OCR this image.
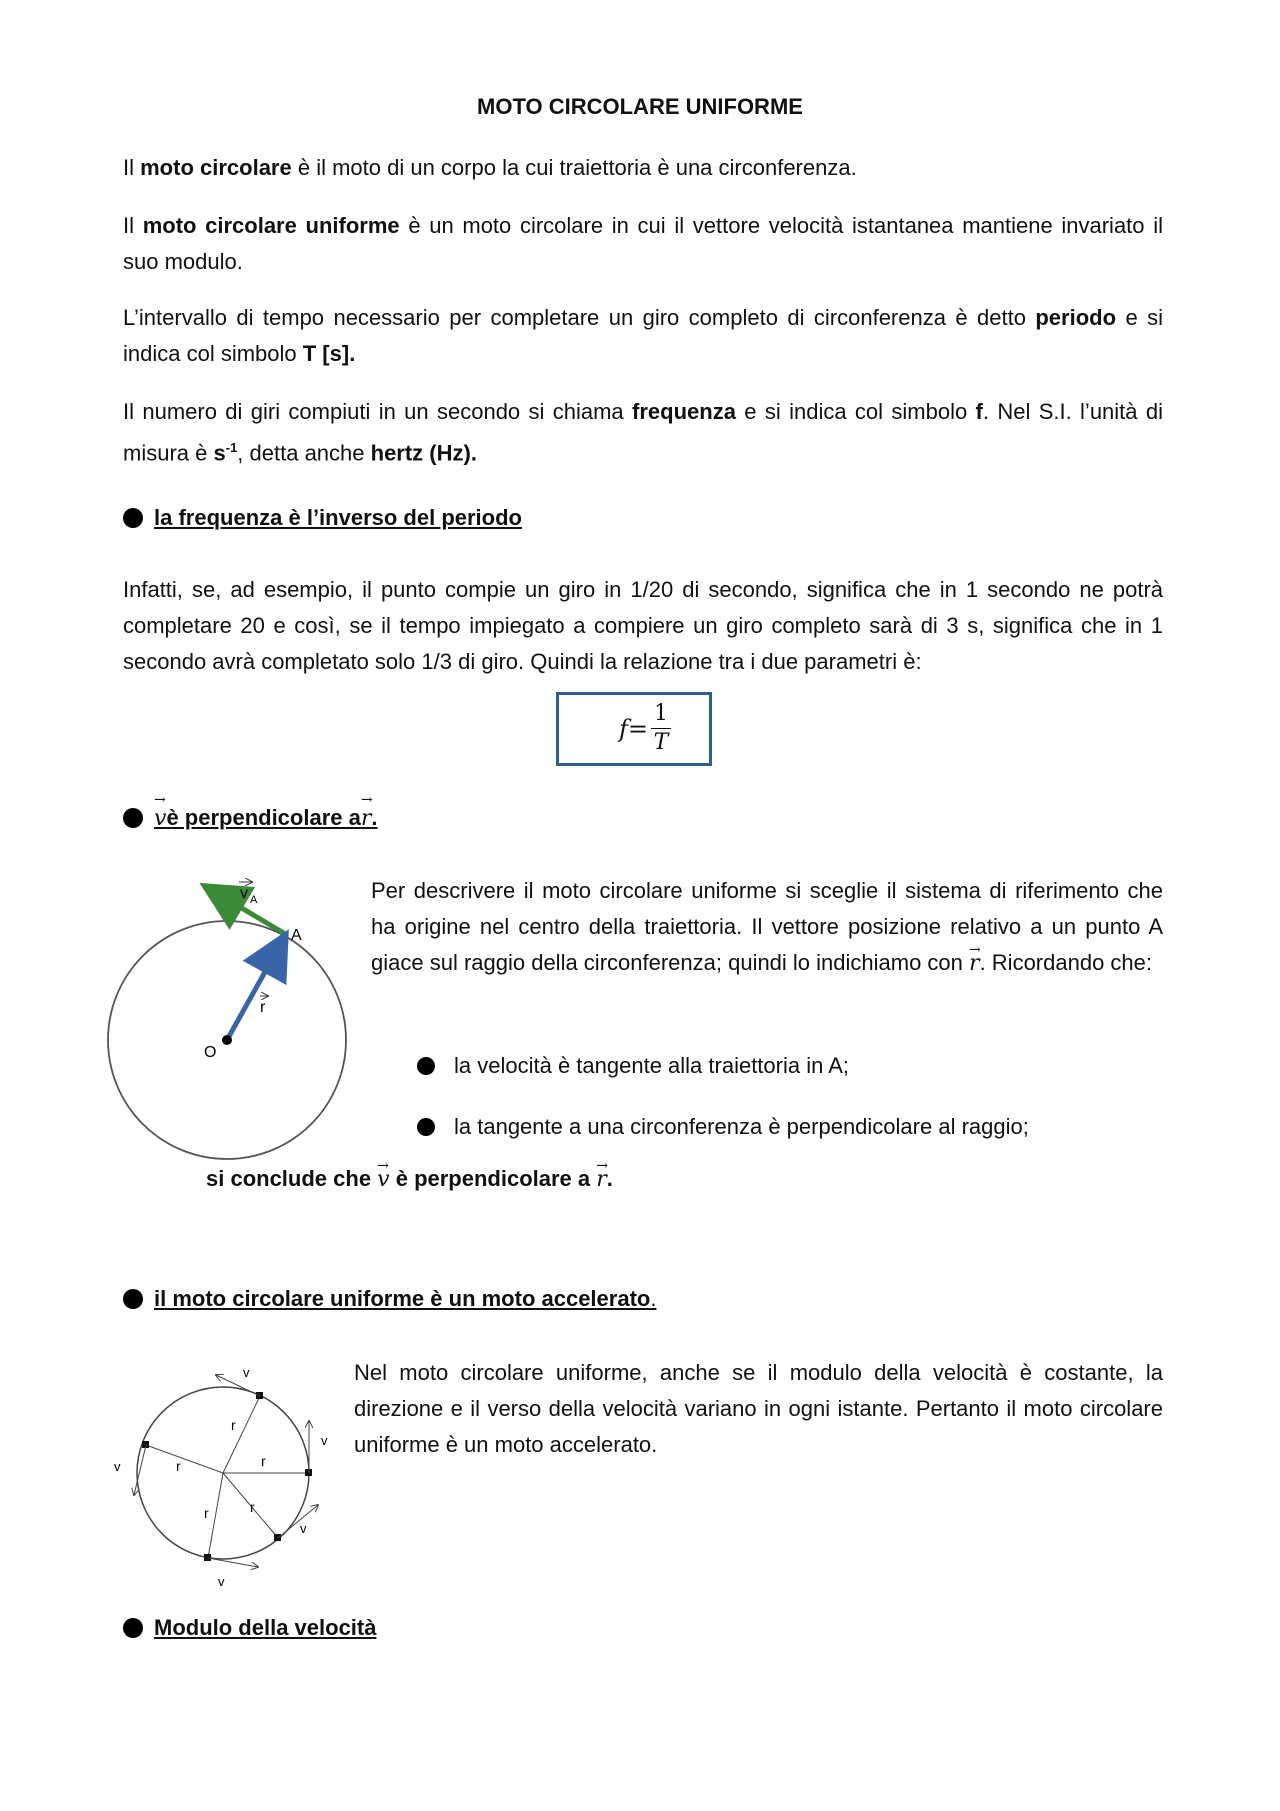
MOTO CIRCOLARE UNIFORME
Il moto circolare è il moto di un corpo la cui traiettoria è una circonferenza.
Il moto circolare uniforme è un moto circolare in cui il vettore velocità istantanea mantiene invariato il suo modulo.
L’intervallo di tempo necessario per completare un giro completo di circonferenza è detto periodo e si indica col simbolo T [s].
Il numero di giri compiuti in un secondo si chiama frequenza e si indica col simbolo f. Nel S.I. l’unità di misura è $s^{-1}$, detta anche hertz (Hz).
la frequenza è l’inverso del periodo
Infatti, se, ad esempio, il punto compie un giro in 1/20 di secondo, significa che in 1 secondo ne potrà completare 20 e così, se il tempo impiegato a compiere un giro completo sarà di 3 s, significa che in 1 secondo avrà completato solo 1/3 di giro. Quindi la relazione tra i due parametri è:
$f = \frac{1}{T}$
→ v è perpendicolare a
→ r .
v A
A
r
O
Per descrivere il moto circolare uniforme si sceglie il sistema di riferimento che ha origine nel centro della traiettoria. Il vettore posizione relativo a un punto A giace sul raggio della circonferenza; quindi lo indichiamo con → r. Ricordando che:
la velocità è tangente alla traiettoria in A;
la tangente a una circonferenza è perpendicolare al raggio;
si conclude che → v è perpendicolare a → r.
il moto circolare uniforme è un moto accelerato .
v
v
v
v
v
r
r
r
r
r
Nel moto circolare uniforme, anche se il modulo della velocità è costante, la direzione e il verso della velocità variano in ogni istante. Pertanto il moto circolare uniforme è un moto accelerato.
Modulo della velocità
